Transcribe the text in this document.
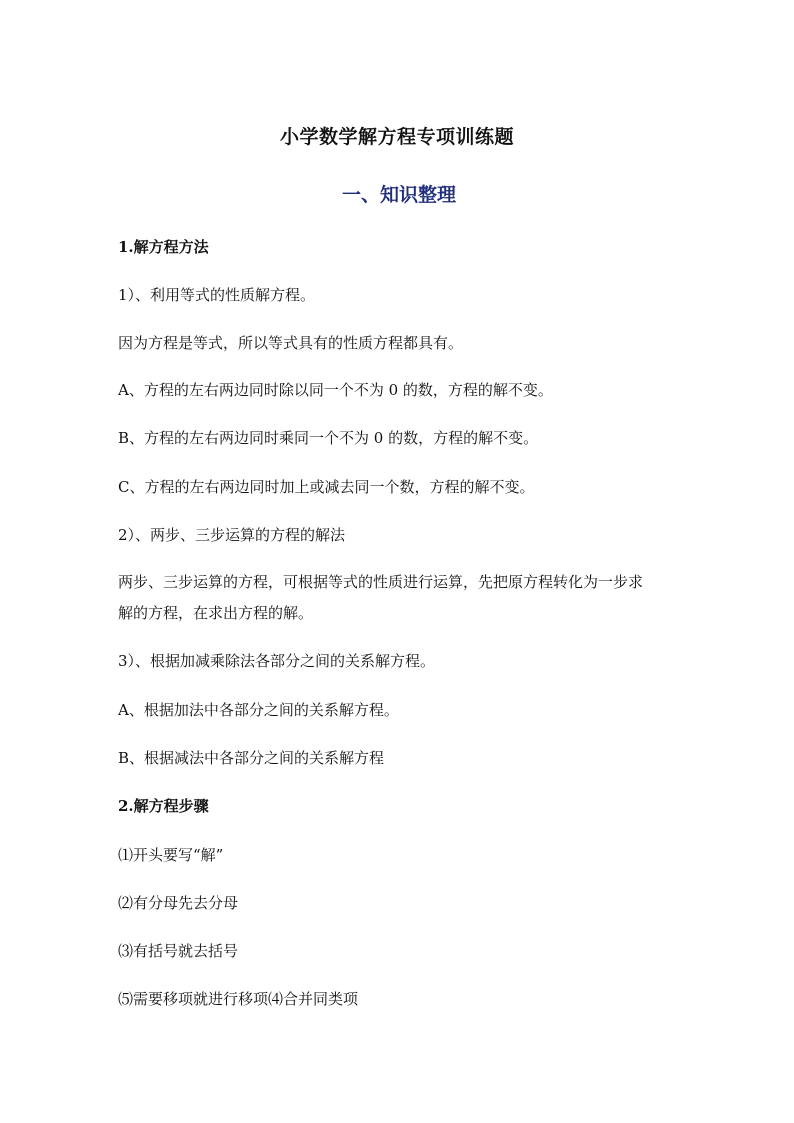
小学数学解方程专项训练题
一、知识整理
1.解方程方法
1）、利用等式的性质解方程。
因为方程是等式，所以等式具有的性质方程都具有。
A、方程的左右两边同时除以同一个不为 0 的数，方程的解不变。
B、方程的左右两边同时乘同一个不为 0 的数，方程的解不变。
C、方程的左右两边同时加上或减去同一个数，方程的解不变。
2）、两步、三步运算的方程的解法
两步、三步运算的方程，可根据等式的性质进行运算，先把原方程转化为一步求
解的方程，在求出方程的解。
3）、根据加减乘除法各部分之间的关系解方程。
A、根据加法中各部分之间的关系解方程。
B、根据减法中各部分之间的关系解方程
2.解方程步骤
⑴开头要写“解”
⑵有分母先去分母
⑶有括号就去括号
⑸需要移项就进行移项⑷合并同类项
